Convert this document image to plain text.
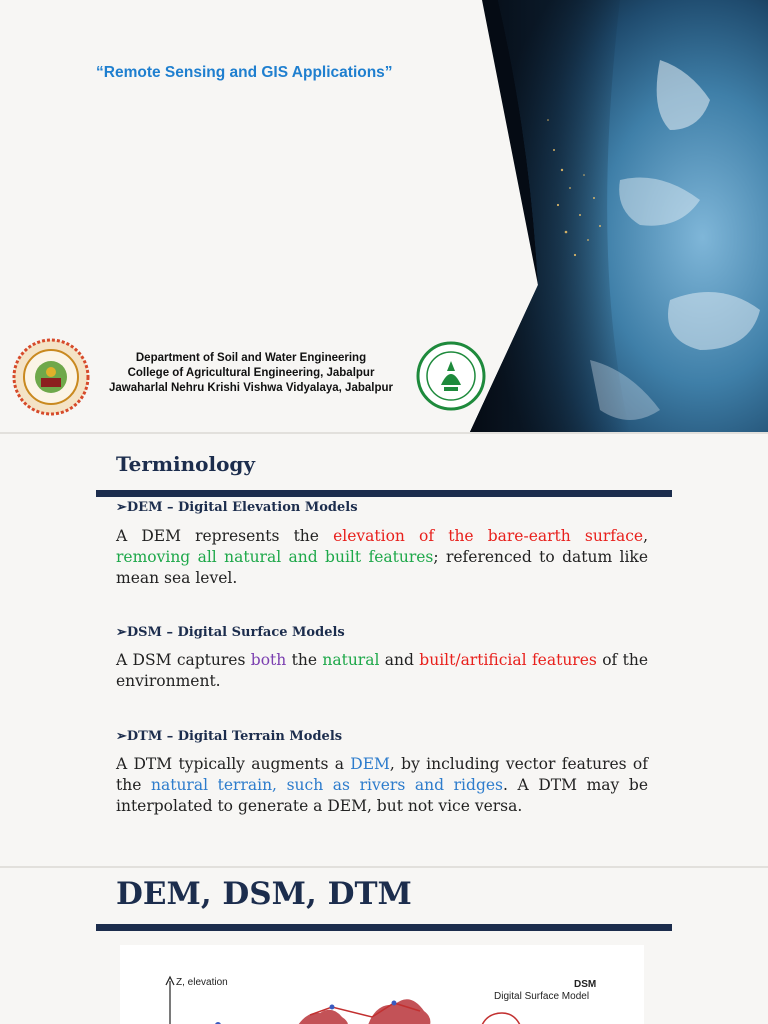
“Remote Sensing and GIS Applications”
Department of Soil and Water Engineering
College of Agricultural Engineering, Jabalpur
Jawaharlal Nehru Krishi Vishwa Vidyalaya, Jabalpur
Terminology
➢DEM – Digital Elevation Models
A DEM represents the elevation of the bare-earth surface, removing all natural and built features; referenced to datum like mean sea level.
➢DSM – Digital Surface Models
A DSM captures both the natural and built/artificial features of the environment.
➢DTM – Digital Terrain Models
A DTM typically augments a DEM, by including vector features of the natural terrain, such as rivers and ridges. A DTM may be interpolated to generate a DEM, but not vice versa.
DEM, DSM, DTM
Z, elevation	DSM
Digital Surface Model
